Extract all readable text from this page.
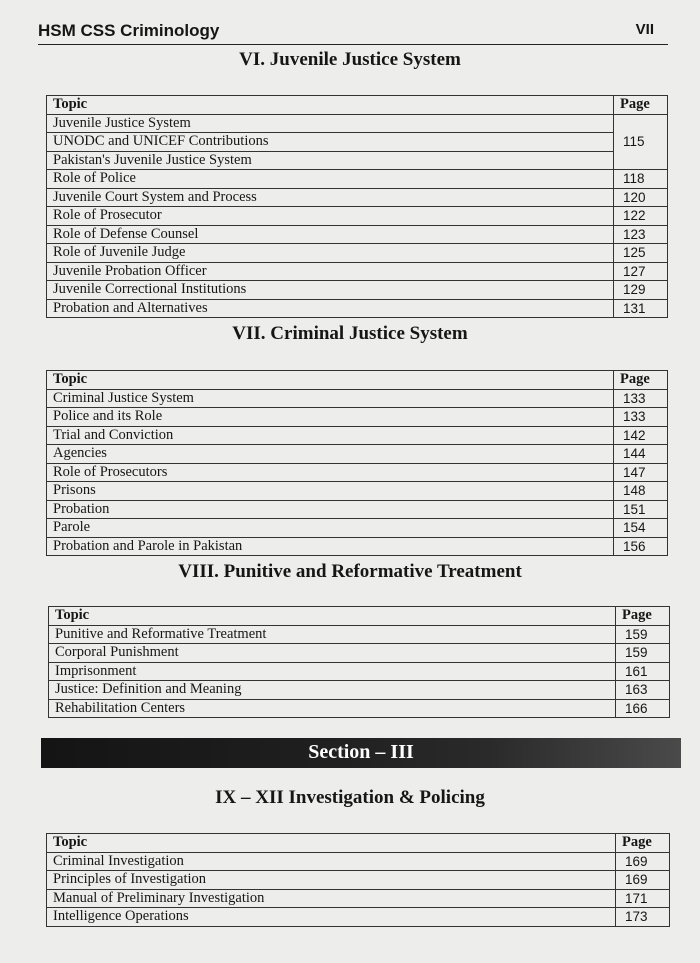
HSM CSS Criminology	VII
VI. Juvenile Justice System
Topic	Page
Juvenile Justice System	115
UNODC and UNICEF Contributions	
Pakistan's Juvenile Justice System	
Role of Police	118
Juvenile Court System and Process	120
Role of Prosecutor	122
Role of Defense Counsel	123
Role of Juvenile Judge	125
Juvenile Probation Officer	127
Juvenile Correctional Institutions	129
Probation and Alternatives	131
VII. Criminal Justice System
Topic	Page
Criminal Justice System	133
Police and its Role	133
Trial and Conviction	142
Agencies	144
Role of Prosecutors	147
Prisons	148
Probation	151
Parole	154
Probation and Parole in Pakistan	156
VIII. Punitive and Reformative Treatment
Topic	Page
Punitive and Reformative Treatment	159
Corporal Punishment	159
Imprisonment	161
Justice: Definition and Meaning	163
Rehabilitation Centers	166
Section – III
IX – XII Investigation & Policing
Topic	Page
Criminal Investigation	169
Principles of Investigation	169
Manual of Preliminary Investigation	171
Intelligence Operations	173
